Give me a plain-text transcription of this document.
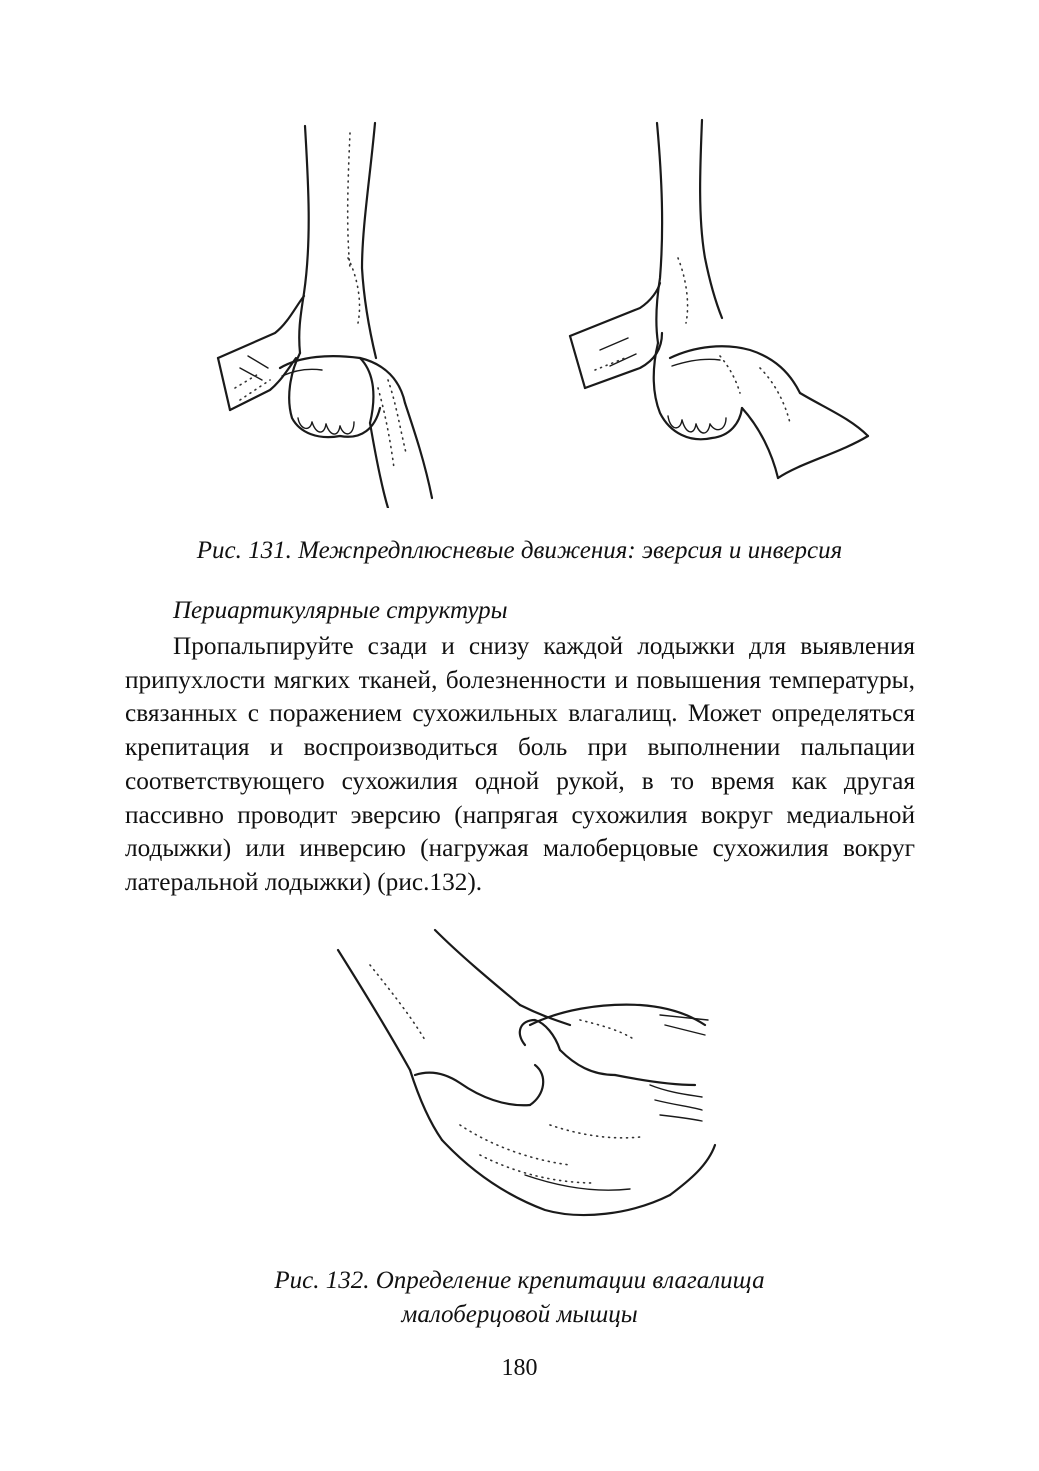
Рис. 131. Межпредплюсневые движения: эверсия и инверсия

Периартикулярные структуры

Пропальпируйте сзади и снизу каждой лодыжки для выявления припухлости мягких тканей, болезненности и повышения температуры, связанных с поражением сухожильных влагалищ. Может определяться крепитация и воспроизводиться боль при выполнении пальпации соответствующего сухожилия одной рукой, в то время как другая пассивно проводит эверсию (напрягая сухожилия вокруг медиальной лодыжки) или инверсию (нагружая малоберцовые сухожилия вокруг латеральной лодыжки) (рис.132).

Рис. 132. Определение крепитации влагалища
малоберцовой мышцы
180
